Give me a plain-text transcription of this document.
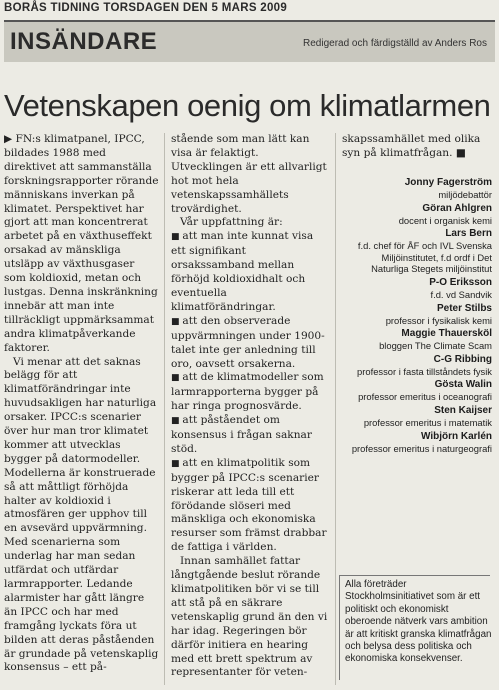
BORÅS TIDNING TORSDAGEN DEN 5 MARS 2009
INSÄNDARE	Redigerad och färdigställd av Anders Ros
Vetenskapen oenig om klimatlarmen

▶ FN:s klimatpanel, IPCC, bildades 1988 med direktivet att sammanställa forskningsrapporter rörande människans inverkan på klimatet. Perspektivet har gjort att man koncentrerat arbetet på en växthuseffekt orsakad av mänskliga utsläpp av växthusgaser som koldioxid, metan och lustgas. Denna inskränkning innebär att man inte tillräckligt uppmärksammat andra klimatpåverkande faktorer.

Vi menar att det saknas belägg för att klimatförändringar inte huvudsakligen har naturliga orsaker. IPCC:s scenarier över hur man tror klimatet kommer att utvecklas bygger på datormodeller. Modellerna är konstruerade så att måttligt förhöjda halter av koldioxid i atmosfären ger upphov till en avsevärd uppvärmning. Med scenarierna som underlag har man sedan utfärdat och utfärdar larmrapporter. Ledande alarmister har gått längre än IPCC och har med framgång lyckats föra ut bilden att deras påståenden är grundade på vetenskaplig konsensus – ett på-

stående som man lätt kan visa är felaktigt. Utvecklingen är ett allvarligt hot mot hela vetenskapssamhällets trovärdighet.

Vår uppfattning är:

■ att man inte kunnat visa ett signifikant orsakssamband mellan förhöjd koldioxidhalt och eventuella klimatförändringar.

■ att den observerade uppvärmningen under 1900-talet inte ger anledning till oro, oavsett orsakerna.

■ att de klimatmodeller som larmrapporterna bygger på har ringa prognosvärde.

■ att påståendet om konsensus i frågan saknar stöd.

■ att en klimatpolitik som bygger på IPCC:s scenarier riskerar att leda till ett förödande slöseri med mänskliga och ekonomiska resurser som främst drabbar de fattiga i världen.

Innan samhället fattar långtgående beslut rörande klimatpolitiken bör vi se till att stå på en säkrare vetenskaplig grund än den vi har idag. Regeringen bör därför initiera en hearing med ett brett spektrum av representanter för veten-

skapssamhället med olika syn på klimatfrågan. ■

Jonny Fagerström
miljödebattör
Göran Ahlgren
docent i organisk kemi
Lars Bern
f.d. chef för ÅF och IVL Svenska Miljöinstitutet, f.d ordf i Det Naturliga Stegets miljöinstitut
P-O Eriksson
f.d. vd Sandvik
Peter Stilbs
professor i fysikalisk kemi
Maggie Thauersköl
bloggen The Climate Scam
C-G Ribbing
professor i fasta tillståndets fysik
Gösta Walin
professor emeritus i oceanografi
Sten Kaijser
professor emeritus i matematik
Wibjörn Karlén
professor emeritus i naturgeografi

Alla företräder Stockholmsinitiativet som är ett politiskt och ekonomiskt oberoende nätverk vars ambition är att kritiskt granska klimatfrågan och belysa dess politiska och ekonomiska konsekvenser.
